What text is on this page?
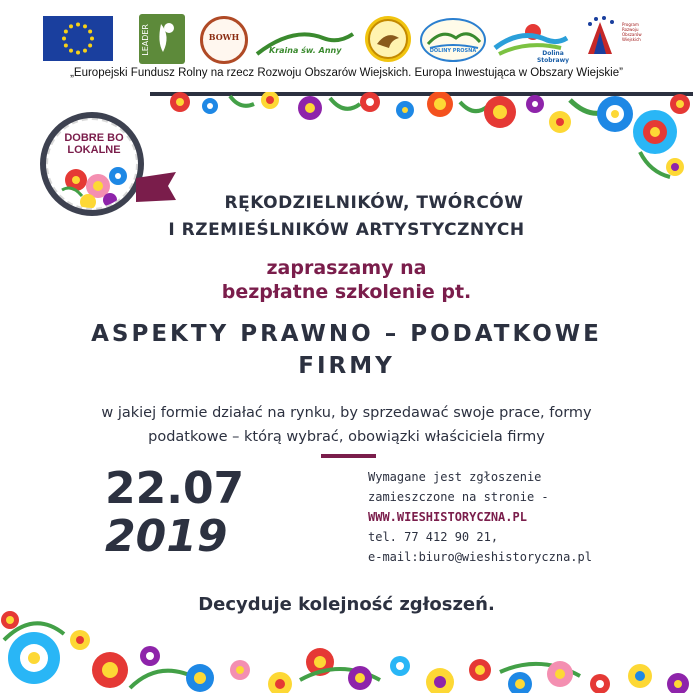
LEADER	BOWH
Kraina św. Anny	DOLINY PROSNA	Dolina Stobrawy
Program Rozwoju Obszarów Wiejskich
„Europejski Fundusz Rolny na rzecz Rozwoju Obszarów Wiejskich. Europa Inwestująca w Obszary Wiejskie”
DOBRE BO
LOKALNE
RĘKODZIELNIKÓW, TWÓRCÓW
I RZEMIEŚLNIKÓW ARTYSTYCZNYCH
zapraszamy na
bezpłatne szkolenie pt.
ASPEKTY PRAWNO – PODATKOWE
FIRMY
w jakiej formie działać na rynku, by sprzedawać swoje prace, formy
podatkowe – którą wybrać, obowiązki właściciela firmy
22.07
2019
Wymagane jest zgłoszenie
zamieszczone na stronie -
WWW.WIESHISTORYCZNA.PL
tel. 77 412 90 21,
e-mail:biuro@wieshistoryczna.pl
Decyduje kolejność zgłoszeń.
